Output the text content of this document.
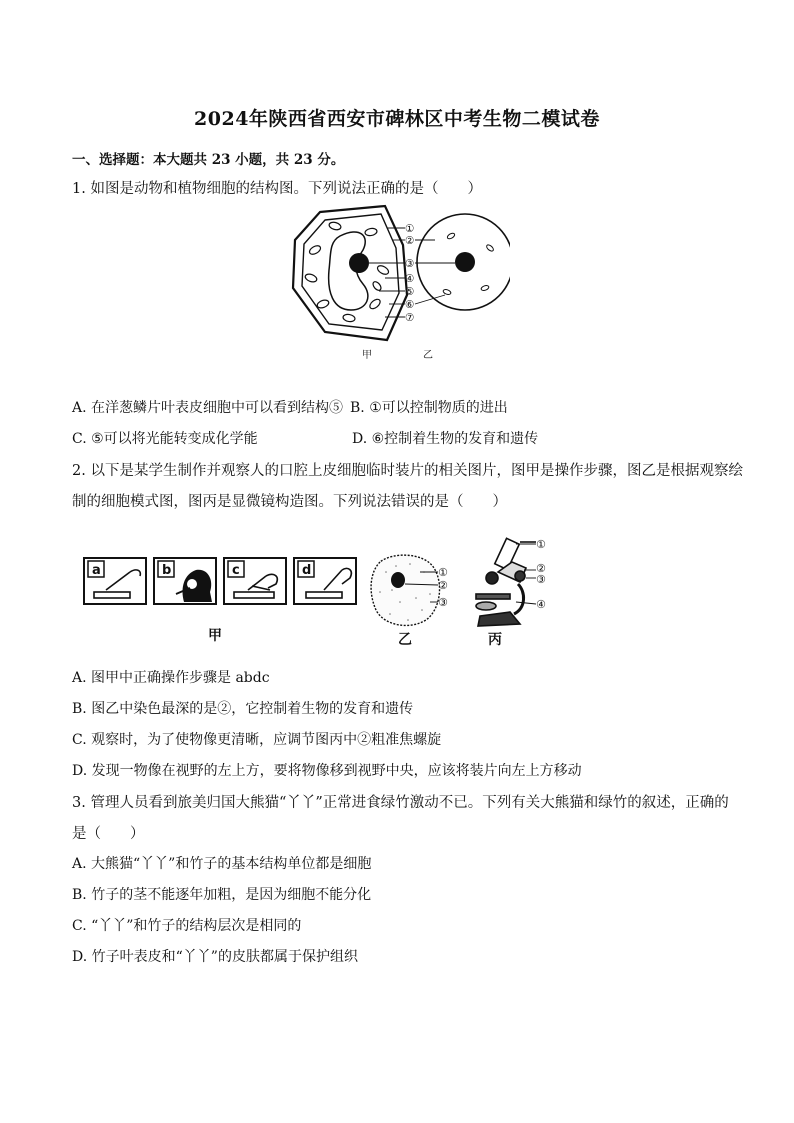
2024年陕西省西安市碑林区中考生物二模试卷
一、选择题：本大题共 23 小题，共 23 分。
1. 如图是动物和植物细胞的结构图。下列说法正确的是（　　）
①
②
③
④
⑤
⑥
⑦
甲	乙
A. 在洋葱鳞片叶表皮细胞中可以看到结构⑤ B. ①可以控制物质的进出
C. ⑤可以将光能转变成化学能	D. ⑥控制着生物的发育和遗传
2. 以下是某学生制作并观察人的口腔上皮细胞临时装片的相关图片，图甲是操作步骤，图乙是根据观察绘
制的细胞模式图，图丙是显微镜构造图。下列说法错误的是（　　）
a	b	c	d
甲
①
②
③
乙
①
②
③
④
丙
A. 图甲中正确操作步骤是 abdc
B. 图乙中染色最深的是②，它控制着生物的发育和遗传
C. 观察时，为了使物像更清晰，应调节图丙中②粗准焦螺旋
D. 发现一物像在视野的左上方，要将物像移到视野中央，应该将装片向左上方移动
3. 管理人员看到旅美归国大熊猫“丫丫”正常进食绿竹激动不已。下列有关大熊猫和绿竹的叙述，正确的
是（　　）
A. 大熊猫“丫丫”和竹子的基本结构单位都是细胞
B. 竹子的茎不能逐年加粗，是因为细胞不能分化
C. “丫丫”和竹子的结构层次是相同的
D. 竹子叶表皮和“丫丫”的皮肤都属于保护组织
